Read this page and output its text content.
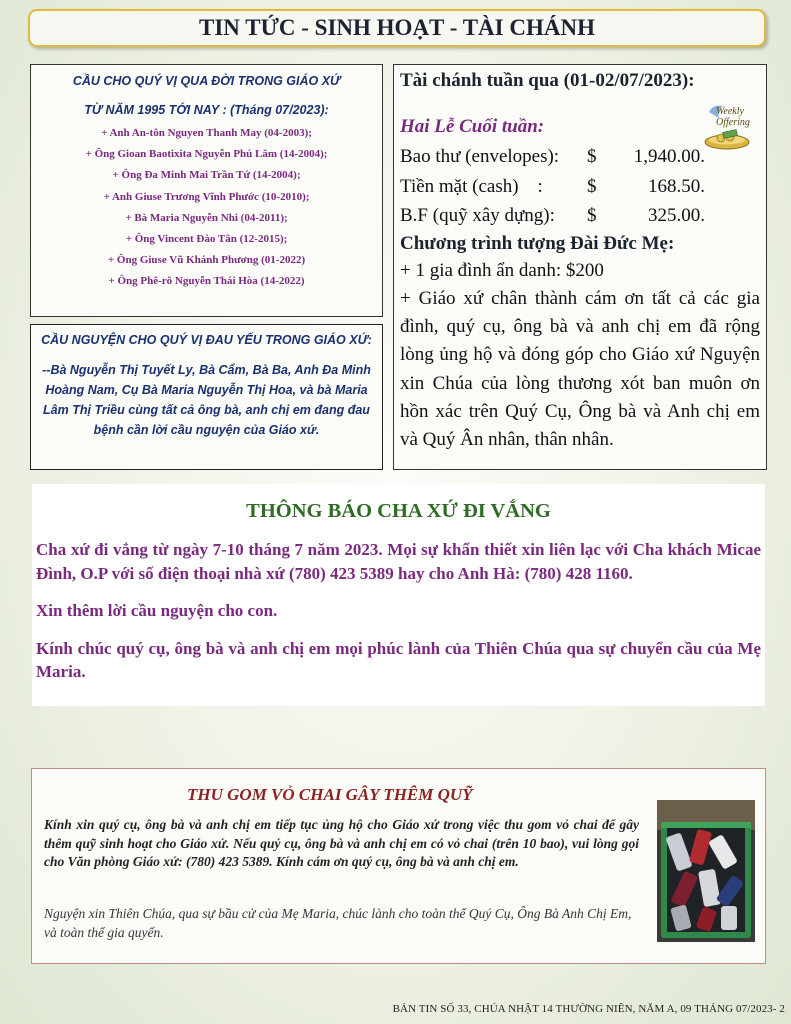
TIN TỨC - SINH HOẠT - TÀI CHÁNH
CẦU CHO QUÝ VỊ QUA ĐỜI TRONG GIÁO XỨ
TỪ NĂM 1995 TỚI NAY : (Tháng 07/2023):
+ Anh An-tôn Nguyen Thanh May (04-2003);
+ Ông Gioan Baotixita Nguyễn Phú Lâm (14-2004);
+ Ông Đa Minh Mai Trần Tứ (14-2004);
+ Anh Giuse Trương Vĩnh Phước (10-2010);
+ Bà Maria Nguyễn Nhi (04-2011);
+ Ông Vincent Đào Tân (12-2015);
+ Ông Giuse Vũ Khánh Phương (01-2022)
+ Ông Phê-rô Nguyễn Thái Hòa (14-2022)
CẦU NGUYỆN CHO QUÝ VỊ ĐAU YẾU TRONG GIÁO XỨ:
--Bà Nguyễn Thị Tuyết Ly, Bà Cẩm, Bà Ba, Anh Đa Minh Hoàng Nam, Cụ Bà Maria Nguyễn Thị Hoa, và bà Maria Lâm Thị Triều cùng tất cả ông bà, anh chị em đang đau bệnh cần lời cầu nguyện của Giáo xứ.
Tài chánh tuần qua (01-02/07/2023):
Hai Lễ Cuối tuần:
Bao thư (envelopes):	$	1,940.00.
Tiền mặt (cash)    :	$	168.50.
B.F (quỹ xây dựng):	$	325.00.
Chương trình tượng Đài Đức Mẹ:
+ 1 gia đình ẩn danh: $200
+ Giáo xứ chân thành cám ơn tất cả các gia đình, quý cụ, ông bà và anh chị em đã rộng lòng ủng hộ và đóng góp cho Giáo xứ Nguyện xin Chúa của lòng thương xót ban muôn ơn hồn xác trên Quý Cụ, Ông bà và Anh chị em và Quý Ân nhân, thân nhân.
Weekly
Offering
THÔNG BÁO CHA XỨ ĐI VẮNG

Cha xứ đi vắng từ ngày 7-10 tháng 7 năm 2023. Mọi sự khẩn thiết xin liên lạc với Cha khách Micae Đình, O.P với số điện thoại nhà xứ (780) 423 5389 hay cho Anh Hà: (780) 428 1160.

Xin thêm lời cầu nguyện cho con.

Kính chúc quý cụ, ông bà và anh chị em mọi phúc lành của Thiên Chúa qua sự chuyển cầu của Mẹ Maria.

THU GOM VỎ CHAI GÂY THÊM QUỸ
Kính xin quý cụ, ông bà và anh chị em tiếp tục ủng hộ cho Giáo xứ trong việc thu gom vỏ chai để gây thêm quỹ sinh hoạt cho Giáo xứ. Nếu quý cụ, ông bà và anh chị em có vỏ chai (trên 10 bao), vui lòng gọi cho Văn phòng Giáo xứ: (780) 423 5389. Kính cám ơn quý cụ, ông bà và anh chị em.
Nguyện xin Thiên Chúa, qua sự bầu cử của Mẹ Maria, chúc lành cho toàn thể Quý Cụ, Ông Bà Anh Chị Em, và toàn thể gia quyến.
BẢN TIN SỐ 33, CHÚA NHẬT 14 THƯỜNG NIÊN, NĂM A, 09 THÁNG 07/2023- 2
